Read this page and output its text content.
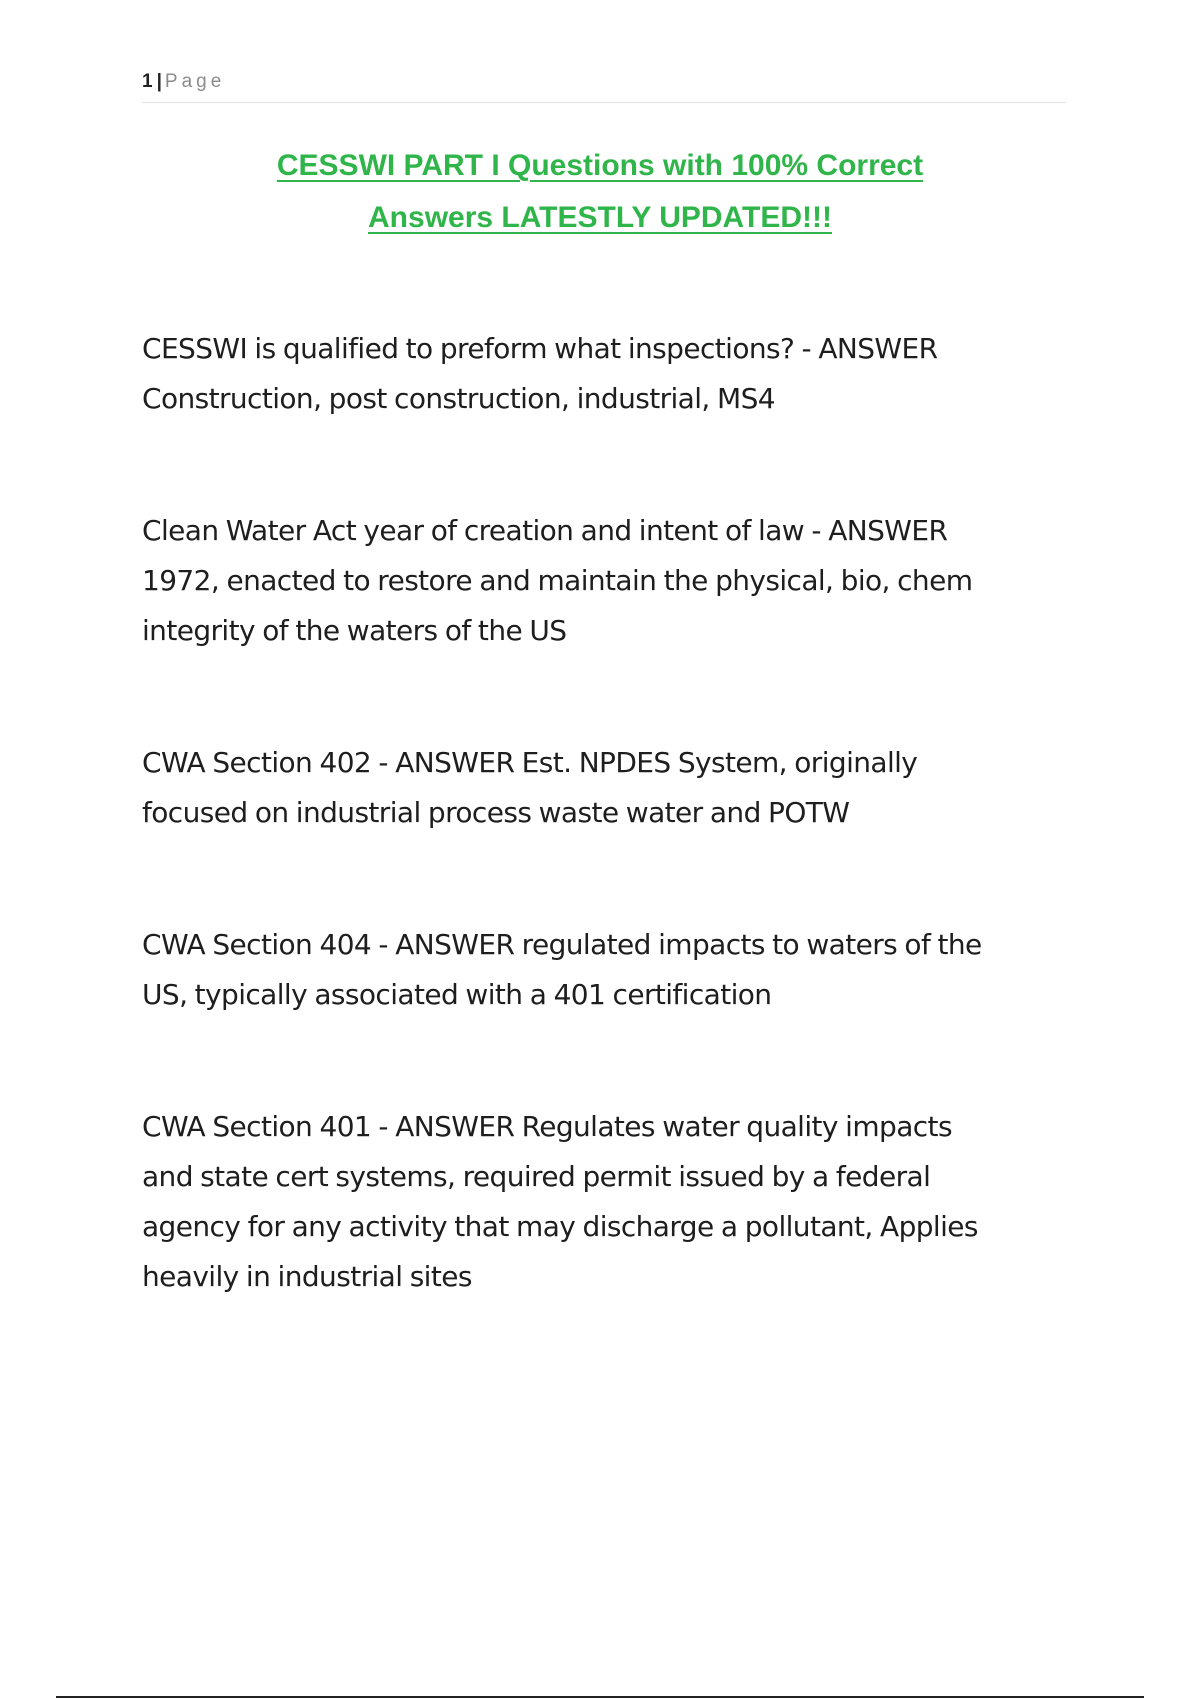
1 | Page
CESSWI PART I Questions with 100% Correct
Answers LATESTLY UPDATED!!!
CESSWI is qualified to preform what inspections? - ANSWER
Construction, post construction, industrial, MS4
Clean Water Act year of creation and intent of law - ANSWER
1972, enacted to restore and maintain the physical, bio, chem
integrity of the waters of the US
CWA Section 402 - ANSWER Est. NPDES System, originally
focused on industrial process waste water and POTW
CWA Section 404 - ANSWER regulated impacts to waters of the
US, typically associated with a 401 certification
CWA Section 401 - ANSWER Regulates water quality impacts
and state cert systems, required permit issued by a federal
agency for any activity that may discharge a pollutant, Applies
heavily in industrial sites
